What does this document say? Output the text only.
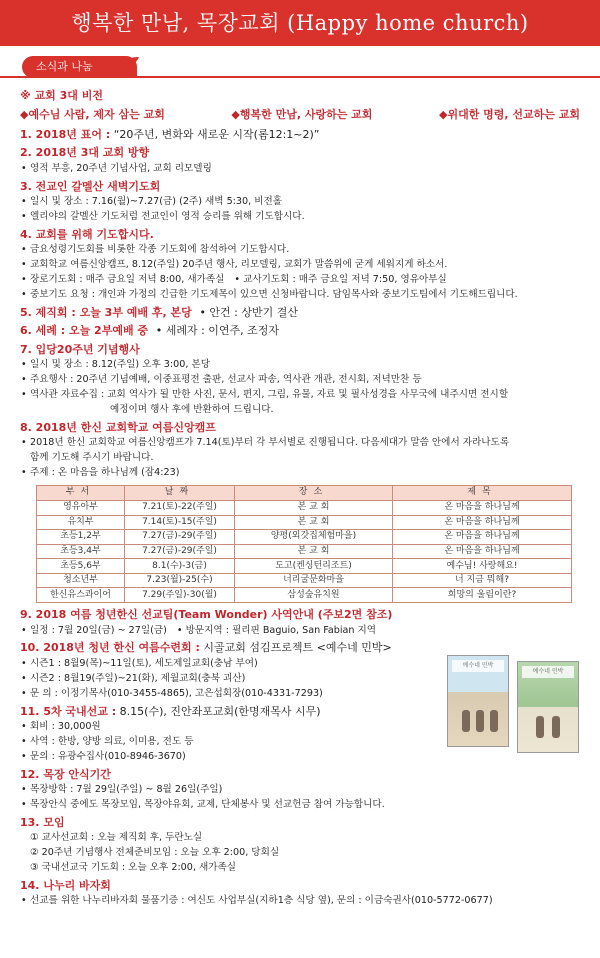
행복한 만남, 목장교회 (Happy home church)
소식과 나눔
※ 교회 3대 비전
◆예수님 사람, 제자 삼는 교회	◆행복한 만남, 사랑하는 교회	◆위대한 명령, 선교하는 교회
1. 2018년 표어 : “20주년, 변화와 새로운 시작(롬12:1~2)”
2. 2018년 3대 교회 방향
• 영적 부흥, 20주년 기념사업, 교회 리모델링
3. 전교인 갈멜산 새벽기도회
• 일시 및 장소 : 7.16(월)~7.27(금) (2주) 새벽 5:30, 비전홀
• 엘리야의 갈멜산 기도처럼 전교인이 영적 승리를 위해 기도합시다.
4. 교회를 위해 기도합시다.
• 금요성령기도회를 비롯한 각종 기도회에 참석하여 기도합시다.
• 교회학교 여름신앙캠프, 8.12(주일) 20주년 행사, 리모델링, 교회가 말씀위에 굳게 세워지게 하소서.
• 장로기도회 : 매주 금요일 저녁 8:00, 새가족실 • 교사기도회 : 매주 금요일 저녁 7:50, 영유아부실
• 중보기도 요청 : 개인과 가정의 긴급한 기도제목이 있으면 신청바랍니다. 담임목사와 중보기도팀에서 기도해드립니다.
5. 제직회 : 오늘 3부 예배 후, 본당 • 안건 : 상반기 결산
6. 세례 : 오늘 2부예배 중 • 세례자 : 이연주, 조정자
7. 입당20주년 기념행사
• 일시 및 장소 : 8.12(주일) 오후 3:00, 본당
• 주요행사 : 20주년 기념예배, 이중표평전 출판, 선교사 파송, 역사관 개관, 전시회, 저녁만찬 등
• 역사관 자료수집 : 교회 역사가 될 만한 사진, 문서, 편지, 그림, 유물, 자료 및 필사성경을 사무국에 내주시면 전시할
예정이며 행사 후에 반환하여 드립니다.
8. 2018년 한신 교회학교 여름신앙캠프
• 2018년 한신 교회학교 여름신앙캠프가 7.14(토)부터 각 부서별로 진행됩니다. 다음세대가 말씀 안에서 자라나도록
함께 기도해 주시기 바랍니다.
• 주제 : 온 마음을 하나님께 (잠4:23)
부서	날짜	장소	제목
영유아부	7.21(토)-22(주일)	본 교 회	온 마음을 하나님께
유치부	7.14(토)-15(주일)	본 교 회	온 마음을 하나님께
초등1,2부	7.27(금)-29(주일)	양평(외갓집체험마을)	온 마음을 하나님께
초등3,4부	7.27(금)-29(주일)	본 교 회	온 마음을 하나님께
초등5,6부	8.1(수)-3(금)	도고(켄싱턴리조트)	예수님! 사랑해요!
청소년부	7.23(월)-25(수)	너리굴문화마을	너 지금 뭐해?
한신유스콰이어	7.29(주일)-30(월)	삼성숲유치원	희망의 울림이란?
9. 2018 여름 청년한신 선교팀(Team Wonder) 사역안내 (주보2면 참조)
• 일정 : 7월 20일(금) ~ 27일(금) • 방문지역 : 필리핀 Baguio, San Fabian 지역
10. 2018년 청년 한신 여름수련회 : 시골교회 섬김프로젝트 <예수네 민박>
• 시즌1 : 8월9(목)~11일(토), 세도제일교회(충남 부여)
• 시즌2 : 8월19(주일)~21(화), 제월교회(충북 괴산)
• 문 의 : 이정기목사(010-3455-4865), 고은섭회장(010-4331-7293)
11. 5차 국내선교 : 8.15(수), 진안좌포교회(한명재목사 시무)
• 회비 : 30,000원
• 사역 : 한방, 양방 의료, 이미용, 전도 등
• 문의 : 유광수집사(010-8946-3670)
12. 목장 안식기간
• 목장방학 : 7월 29일(주일) ~ 8월 26일(주일)
• 목장안식 중에도 목장모임, 목장야유회, 교제, 단체봉사 및 선교헌금 참여 가능합니다.
13. 모임
① 교사선교회 : 오늘 제직회 후, 두란노실
② 20주년 기념행사 전체준비모임 : 오늘 오후 2:00, 당회실
③ 국내선교국 기도회 : 오늘 오후 2:00, 새가족실
14. 나누리 바자회
• 선교를 위한 나누리바자회 물품기증 : 여신도 사업부실(지하1층 식당 옆), 문의 : 이금숙권사(010-5772-0677)
예수네 민박
예수네 민박
